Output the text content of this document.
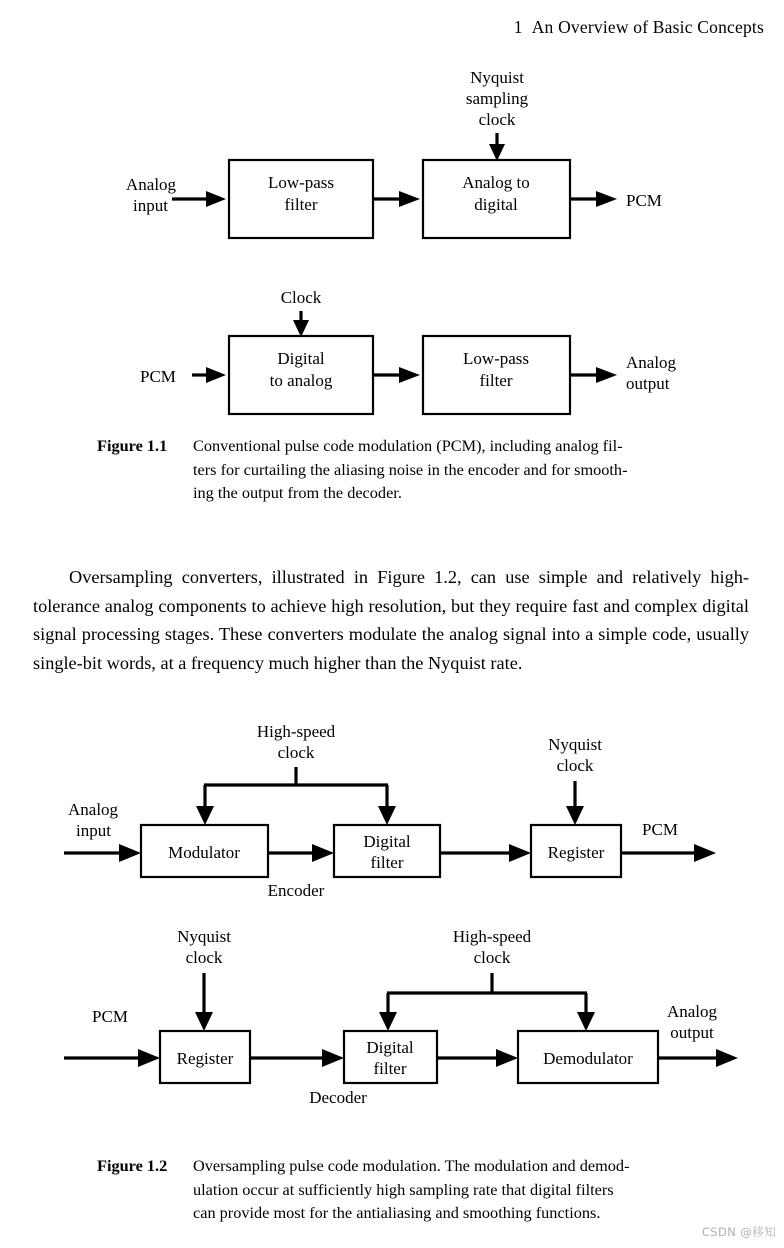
1 An Overview of Basic Concepts
Analog
input
Low-pass
filter
Nyquist
sampling
clock
Analog to
digital	PCM
PCM
Clock
Digital
to analog
Low-pass
filter
Analog
output
Figure 1.1	Conventional pulse code modulation (PCM), including analog fil-

ters for curtailing the aliasing noise in the encoder and for smooth-

ing the output from the decoder.

Oversampling converters, illustrated in Figure 1.2, can use simple and relatively high-tolerance analog components to achieve high resolution, but they require fast and complex digital signal processing stages. These converters modulate the analog signal into a simple code, usually single-bit words, at a frequency much higher than the Nyquist rate.
High-speed
clock
Analog
input
Modulator
Digital
filter
Nyquist
clock
Register
PCM
Encoder
Nyquist
clock
PCM
Register
High-speed
clock
Digital
filter
Demodulator
Analog
output
Decoder
Figure 1.2	Oversampling pulse code modulation. The modulation and demod-

ulation occur at sufficiently high sampling rate that digital filters

can provide most for the antialiasing and smoothing functions.

CSDN @移知
